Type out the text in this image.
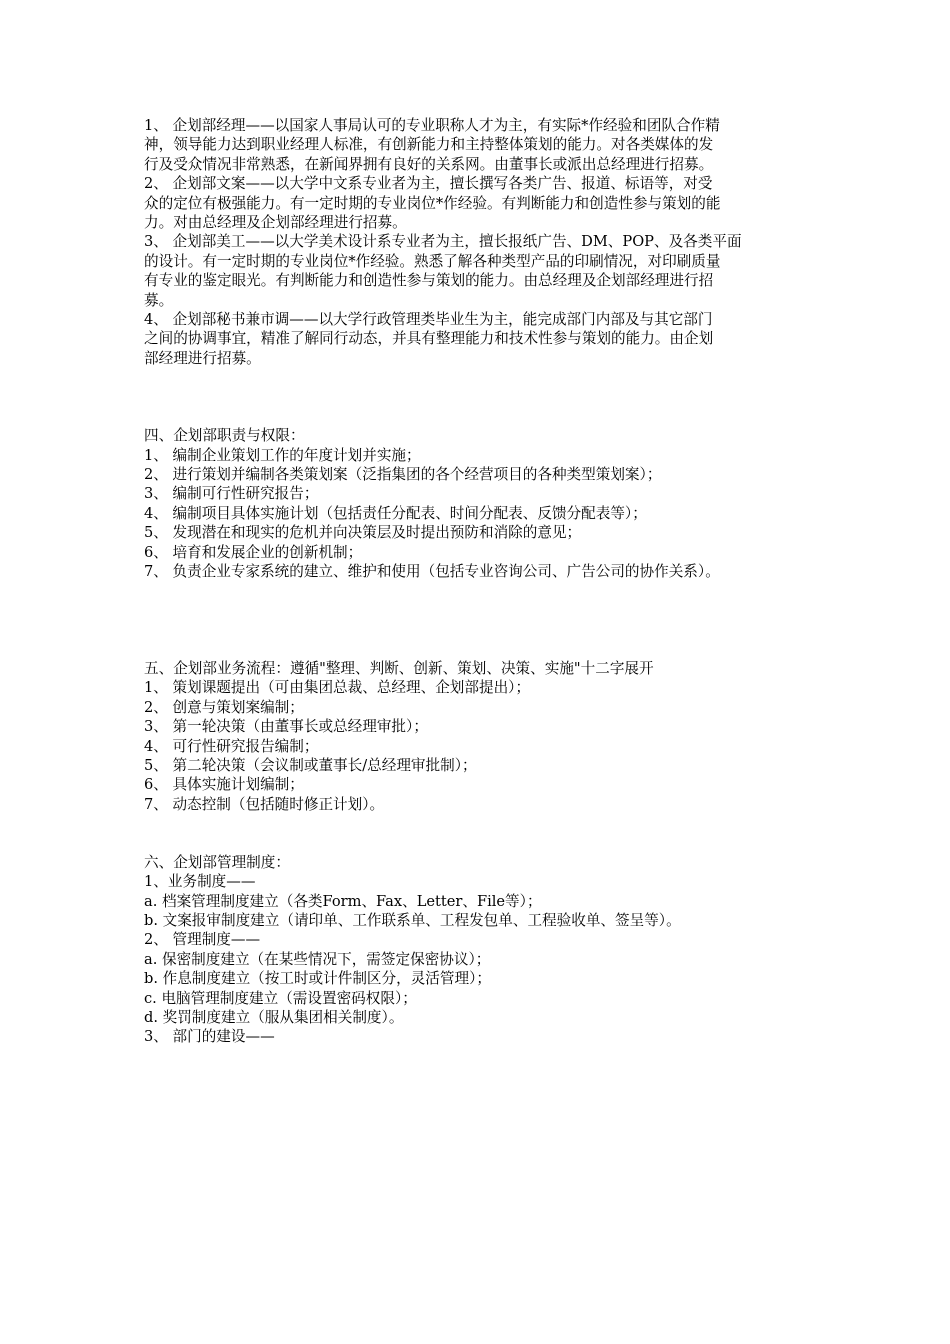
1、 企划部经理——以国家人事局认可的专业职称人才为主，有实际*作经验和团队合作精

神，领导能力达到职业经理人标准，有创新能力和主持整体策划的能力。对各类媒体的发

行及受众情况非常熟悉，在新闻界拥有良好的关系网。由董事长或派出总经理进行招募。

2、 企划部文案——以大学中文系专业者为主，擅长撰写各类广告、报道、标语等，对受

众的定位有极强能力。有一定时期的专业岗位*作经验。有判断能力和创造性参与策划的能

力。对由总经理及企划部经理进行招募。

3、 企划部美工——以大学美术设计系专业者为主，擅长报纸广告、DM、POP、及各类平面

的设计。有一定时期的专业岗位*作经验。熟悉了解各种类型产品的印刷情况，对印刷质量

有专业的鉴定眼光。有判断能力和创造性参与策划的能力。由总经理及企划部经理进行招

募。

4、 企划部秘书兼市调——以大学行政管理类毕业生为主，能完成部门内部及与其它部门

之间的协调事宜，精准了解同行动态，并具有整理能力和技术性参与策划的能力。由企划

部经理进行招募。

四、企划部职责与权限：

1、 编制企业策划工作的年度计划并实施；

2、 进行策划并编制各类策划案（泛指集团的各个经营项目的各种类型策划案）；

3、 编制可行性研究报告；

4、 编制项目具体实施计划（包括责任分配表、时间分配表、反馈分配表等）；

5、 发现潜在和现实的危机并向决策层及时提出预防和消除的意见；

6、 培育和发展企业的创新机制；

7、 负责企业专家系统的建立、维护和使用（包括专业咨询公司、广告公司的协作关系）。

五、企划部业务流程：遵循"整理、判断、创新、策划、决策、实施"十二字展开

1、 策划课题提出（可由集团总裁、总经理、企划部提出）；

2、 创意与策划案编制；

3、 第一轮决策（由董事长或总经理审批）；

4、 可行性研究报告编制；

5、 第二轮决策（会议制或董事长/总经理审批制）；

6、 具体实施计划编制；

7、 动态控制（包括随时修正计划）。

六、企划部管理制度：

1、业务制度——

a. 档案管理制度建立（各类Form、Fax、Letter、File等）；

b. 文案报审制度建立（请印单、工作联系单、工程发包单、工程验收单、签呈等）。

2、 管理制度——

a. 保密制度建立（在某些情况下，需签定保密协议）；

b. 作息制度建立（按工时或计件制区分，灵活管理）；

c. 电脑管理制度建立（需设置密码权限）；

d. 奖罚制度建立（服从集团相关制度）。

3、 部门的建设——
